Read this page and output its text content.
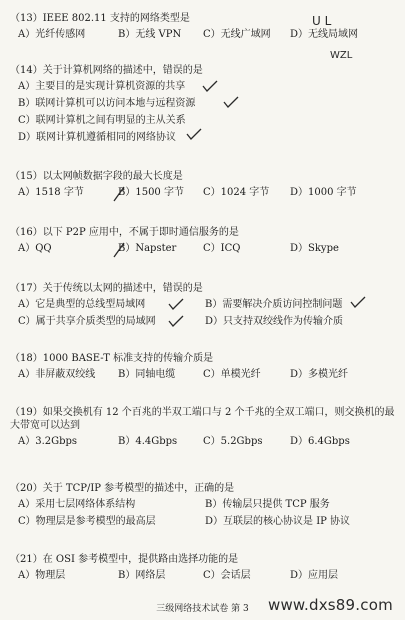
（13）IEEE 802.11 支持的网络类型是
A）光纤传感网	B）无线 VPN C）无线广域网 D）无线局域网
U L
WZL
（14）关于计算机网络的描述中，错误的是
A）主要目的是实现计算机资源的共享
B）联网计算机可以访问本地与远程资源
C）联网计算机之间有明显的主从关系
D）联网计算机遵循相同的网络协议
（15）以太网帧数据字段的最大长度是
A）1518 字节	B）1500 字节 C）1024 字节 D）1000 字节
（16）以下 P2P 应用中，不属于即时通信服务的是
A）QQ	B）Napster	C）ICQ	D）Skype
（17）关于传统以太网的描述中，错误的是
A）它是典型的总线型局域网	B）需要解决介质访问控制问题
C）属于共享介质类型的局域网	D）只支持双绞线作为传输介质
（18）1000 BASE-T 标准支持的传输介质是
A）非屏蔽双绞线 B）同轴电缆	C）单模光纤	D）多模光纤
（19）如果交换机有 12 个百兆的半双工端口与 2 个千兆的全双工端口，则交换机的最大带宽可以达到
A）3.2Gbps	B）4.4Gbps	C）5.2Gbps	D）6.4Gbps
（20）关于 TCP/IP 参考模型的描述中，正确的是
A）采用七层网络体系结构	B）传输层只提供 TCP 服务
C）物理层是参考模型的最高层	D）互联层的核心协议是 IP 协议
（21）在 OSI 参考模型中，提供路由选择功能的是
A）物理层	B）网络层	C）会话层	D）应用层
三级网络技术试卷 第 3	www.dxs89.com
